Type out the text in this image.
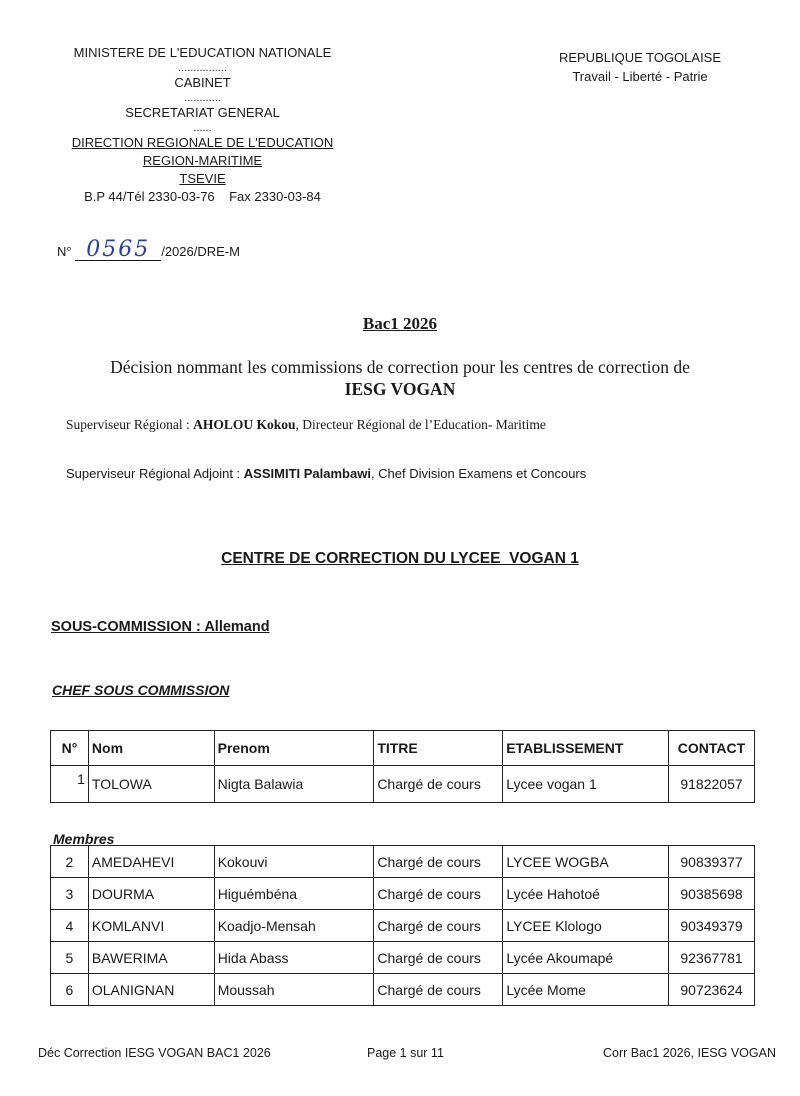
MINISTERE DE L'EDUCATION NATIONALE
................
CABINET
............
SECRETARIAT GENERAL
......
DIRECTION REGIONALE DE L'EDUCATION
REGION-MARITIME
TSEVIE
B.P 44/Tél 2330-03-76    Fax 2330-03-84
REPUBLIQUE TOGOLAISE
Travail - Liberté - Patrie
N° 0565 /2026/DRE-M
Bac1 2026
Décision nommant les commissions de correction pour les centres de correction de
IESG VOGAN
Superviseur Régional : AHOLOU Kokou, Directeur Régional de l’Education- Maritime
Superviseur Régional Adjoint : ASSIMITI Palambawi, Chef Division Examens et Concours
CENTRE DE CORRECTION DU LYCEE  VOGAN 1
SOUS-COMMISSION : Allemand
CHEF SOUS COMMISSION
N°	Nom	Prenom	TITRE	ETABLISSEMENT	CONTACT
1	TOLOWA	Nigta Balawia	Chargé de cours	Lycee vogan 1	91822057
Membres
2	AMEDAHEVI	Kokouvi	Chargé de cours	LYCEE WOGBA	90839377
3	DOURMA	Higuémbéna	Chargé de cours	Lycée Hahotoé	90385698
4	KOMLANVI	Koadjo-Mensah	Chargé de cours	LYCEE Klologo	90349379
5	BAWERIMA	Hida Abass	Chargé de cours	Lycée Akoumapé	92367781
6	OLANIGNAN	Moussah	Chargé de cours	Lycée Mome	90723624
Déc Correction IESG VOGAN BAC1 2026	Page 1 sur 11	Corr Bac1 2026, IESG VOGAN
